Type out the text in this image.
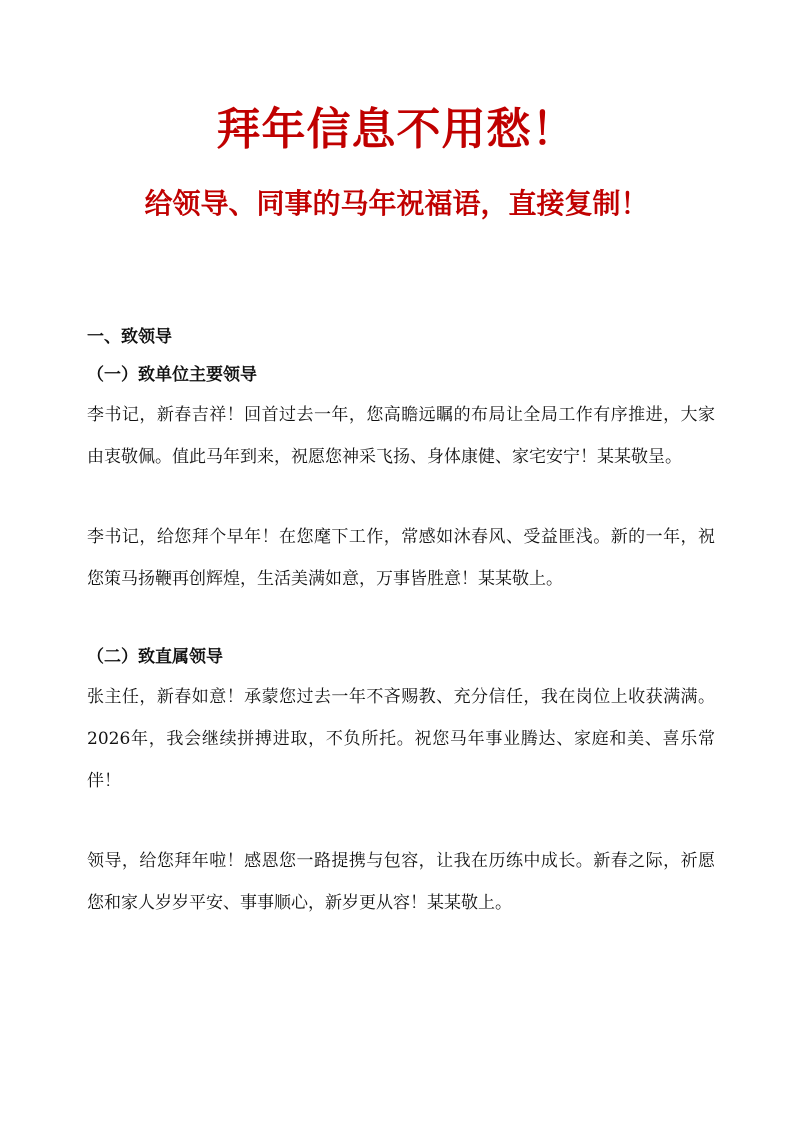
拜年信息不用愁！
给领导、同事的马年祝福语，直接复制！

一、致领导

（一）致单位主要领导

李书记，新春吉祥！回首过去一年，您高瞻远瞩的布局让全局工作有序推进，大家由衷敬佩。值此马年到来，祝愿您神采飞扬、身体康健、家宅安宁！某某敬呈。

李书记，给您拜个早年！在您麾下工作，常感如沐春风、受益匪浅。新的一年，祝您策马扬鞭再创辉煌，生活美满如意，万事皆胜意！某某敬上。

（二）致直属领导

张主任，新春如意！承蒙您过去一年不吝赐教、充分信任，我在岗位上收获满满。2026年，我会继续拼搏进取，不负所托。祝您马年事业腾达、家庭和美、喜乐常伴！

领导，给您拜年啦！感恩您一路提携与包容，让我在历练中成长。新春之际，祈愿您和家人岁岁平安、事事顺心，新岁更从容！某某敬上。
